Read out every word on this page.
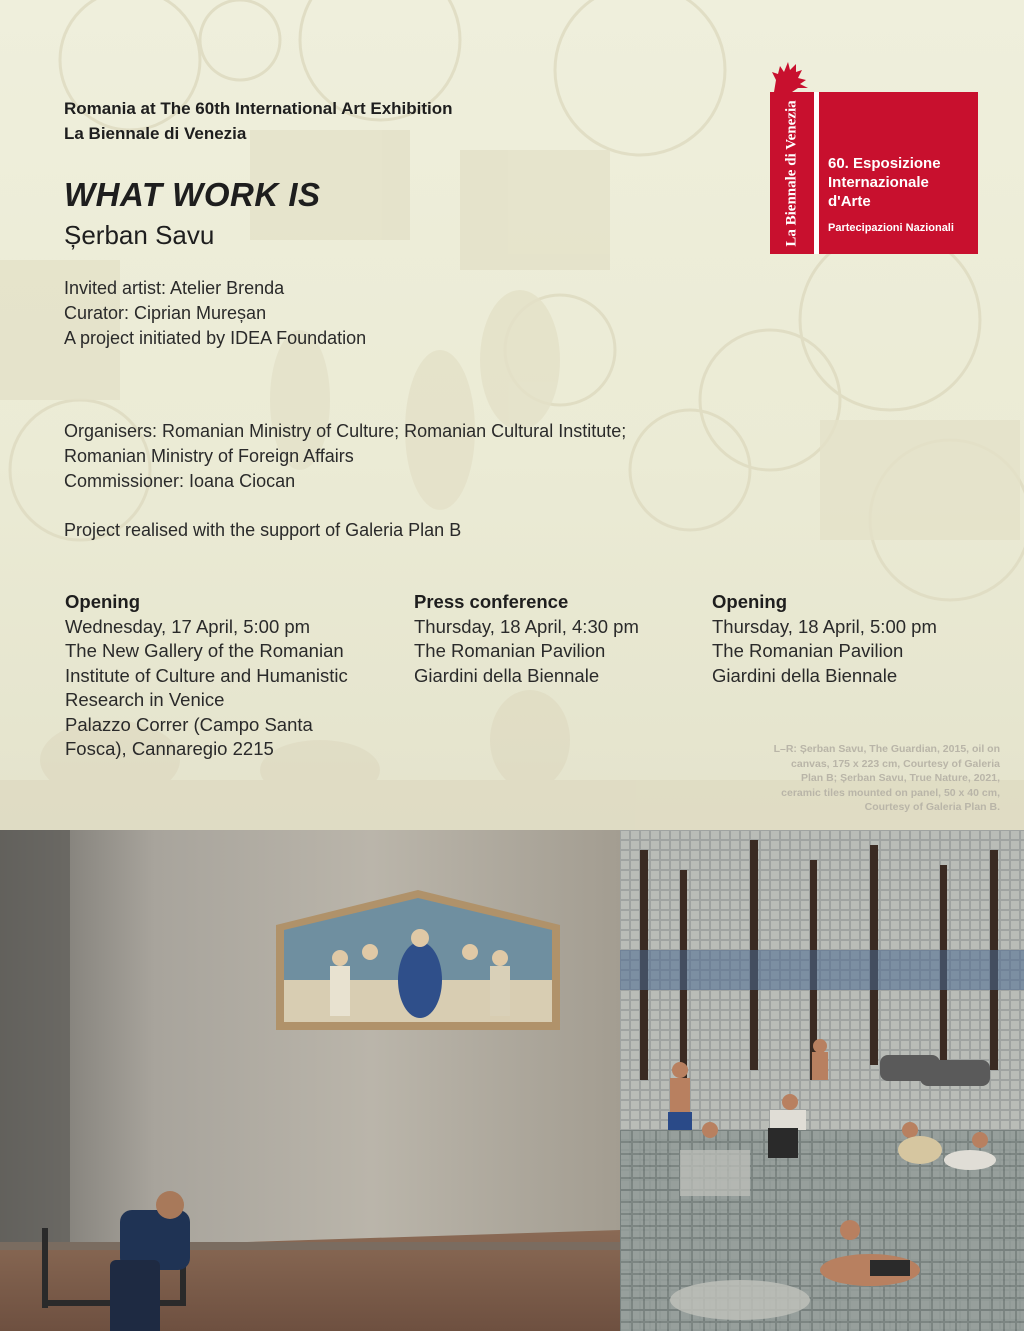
Romania at The 60th International Art Exhibition
La Biennale di Venezia
WHAT WORK IS
Șerban Savu
Invited artist: Atelier Brenda
Curator: Ciprian Mureșan
A project initiated by IDEA Foundation
Organisers: Romanian Ministry of Culture; Romanian Cultural Institute;
Romanian Ministry of Foreign Affairs
Commissioner: Ioana Ciocan
Project realised with the support of Galeria Plan B
Opening
Wednesday, 17 April, 5:00 pm
The New Gallery of the Romanian
Institute of Culture and Humanistic
Research in Venice
Palazzo Correr (Campo Santa
Fosca), Cannaregio 2215
Press conference
Thursday, 18 April, 4:30 pm
The Romanian Pavilion
Giardini della Biennale
Opening
Thursday, 18 April, 5:00 pm
The Romanian Pavilion
Giardini della Biennale
L–R: Șerban Savu, The Guardian, 2015, oil on canvas, 175 x 223 cm, Courtesy of Galeria Plan B; Șerban Savu, True Nature, 2021, ceramic tiles mounted on panel, 50 x 40 cm, Courtesy of Galeria Plan B.
La Biennale di Venezia 60. Esposizione
Internazionale
d'Arte
Partecipazioni Nazionali
